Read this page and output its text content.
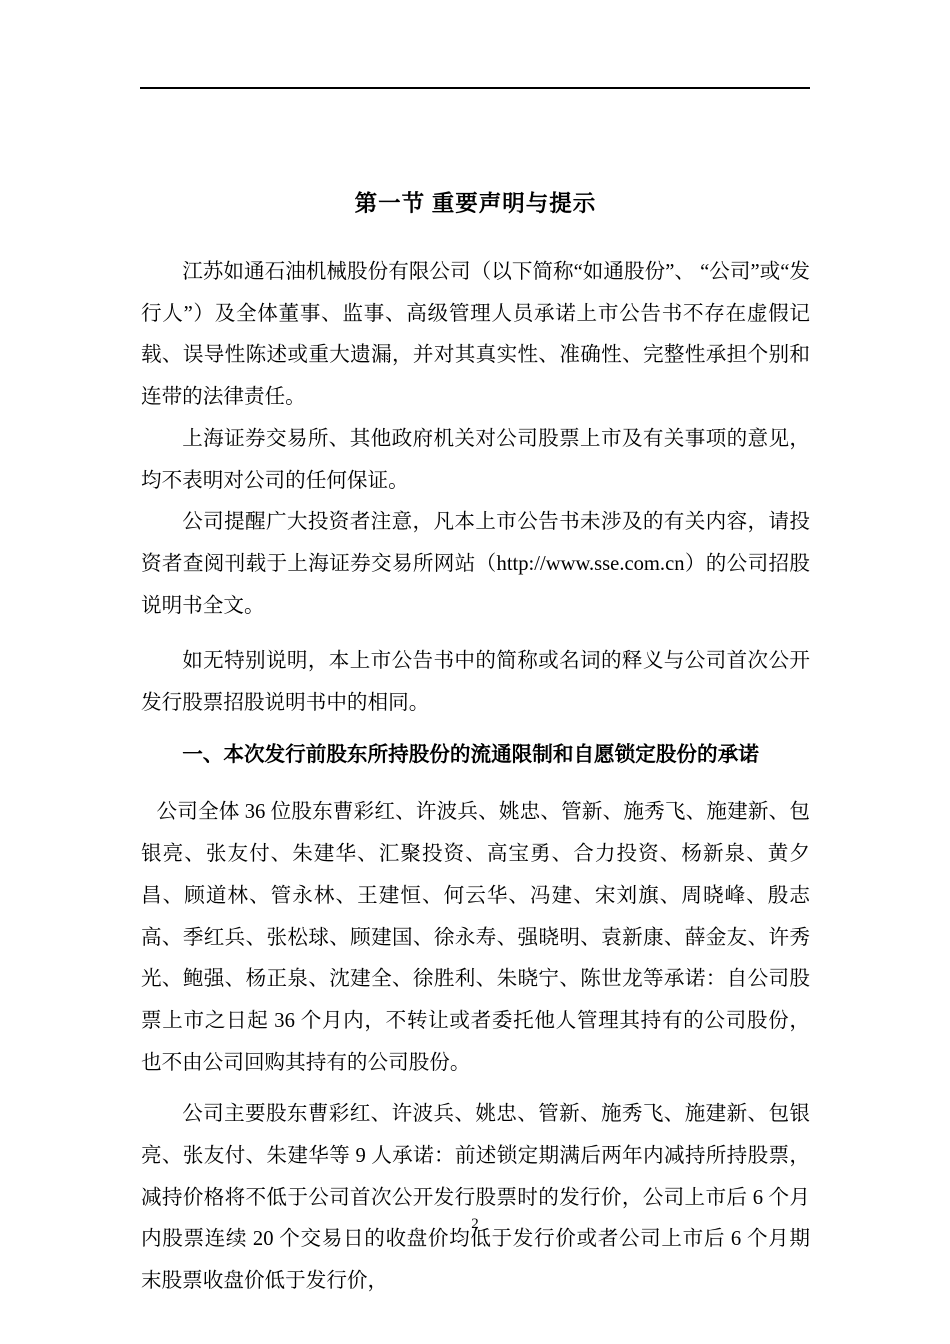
第一节 重要声明与提示

江苏如通石油机械股份有限公司（以下简称“如通股份”、 “公司”或“发行人”）及全体董事、监事、高级管理人员承诺上市公告书不存在虚假记载、误导性陈述或重大遗漏，并对其真实性、准确性、完整性承担个别和连带的法律责任。

上海证券交易所、其他政府机关对公司股票上市及有关事项的意见，均不表明对公司的任何保证。

公司提醒广大投资者注意，凡本上市公告书未涉及的有关内容，请投资者查阅刊载于上海证券交易所网站（http://www.sse.com.cn）的公司招股说明书全文。

如无特别说明，本上市公告书中的简称或名词的释义与公司首次公开发行股票招股说明书中的相同。

一、本次发行前股东所持股份的流通限制和自愿锁定股份的承诺

公司全体 36 位股东曹彩红、许波兵、姚忠、管新、施秀飞、施建新、包银亮、张友付、朱建华、汇聚投资、高宝勇、合力投资、杨新泉、黄夕昌、顾道林、管永林、王建恒、何云华、冯建、宋刘旗、周晓峰、殷志高、季红兵、张松球、顾建国、徐永寿、强晓明、袁新康、薛金友、许秀光、鲍强、杨正泉、沈建全、徐胜利、朱晓宁、陈世龙等承诺：自公司股票上市之日起 36 个月内，不转让或者委托他人管理其持有的公司股份，也不由公司回购其持有的公司股份。

公司主要股东曹彩红、许波兵、姚忠、管新、施秀飞、施建新、包银亮、张友付、朱建华等 9 人承诺：前述锁定期满后两年内减持所持股票，减持价格将不低于公司首次公开发行股票时的发行价，公司上市后 6 个月内股票连续 20 个交易日的收盘价均低于发行价或者公司上市后 6 个月期末股票收盘价低于发行价，

2
